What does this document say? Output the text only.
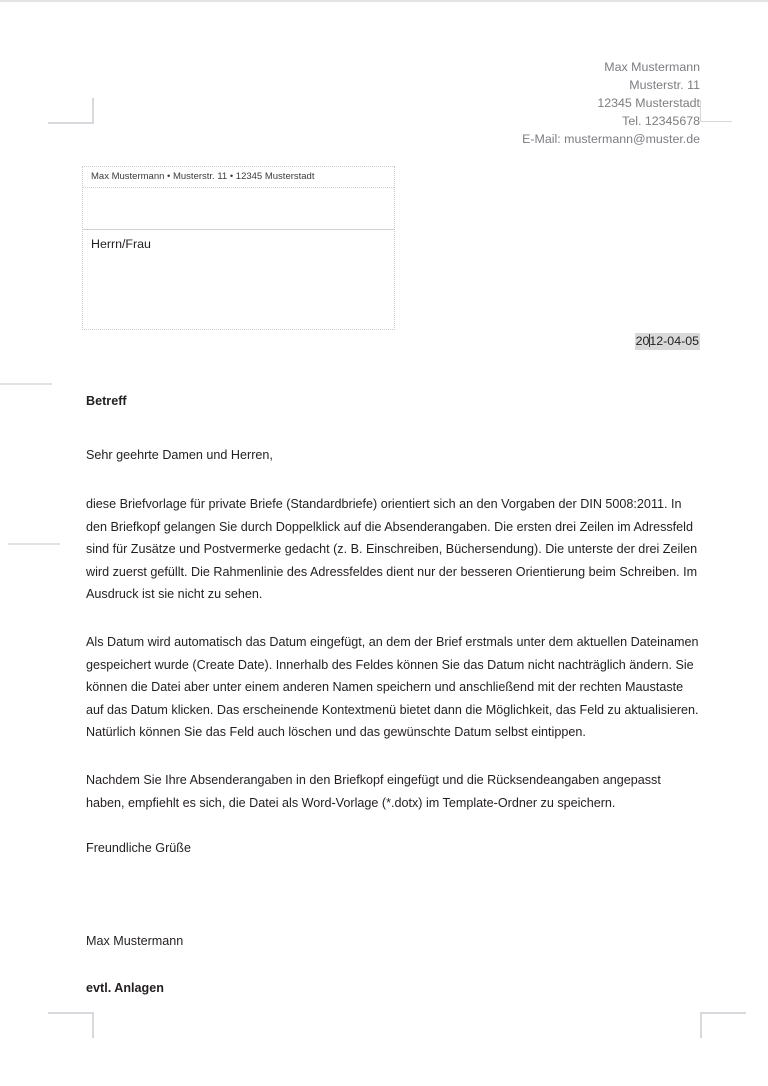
Max Mustermann
Musterstr. 11
12345 Musterstadt
Tel. 12345678
E-Mail: mustermann@muster.de
Max Mustermann • Musterstr. 11 • 12345 Musterstadt
Herrn/Frau
2012-04-05

Betreff

Sehr geehrte Damen und Herren,

diese Briefvorlage für private Briefe (Standardbriefe) orientiert sich an den Vorgaben der DIN 5008:2011. In den Briefkopf gelangen Sie durch Doppelklick auf die Absenderangaben. Die ersten drei Zeilen im Adressfeld sind für Zusätze und Postvermerke gedacht (z. B. Einschreiben, Büchersendung). Die unterste der drei Zeilen wird zuerst gefüllt. Die Rahmenlinie des Adressfeldes dient nur der besseren Orientierung beim Schreiben. Im Ausdruck ist sie nicht zu sehen.

Als Datum wird automatisch das Datum eingefügt, an dem der Brief erstmals unter dem aktuellen Dateinamen gespeichert wurde (Create Date). Innerhalb des Feldes können Sie das Datum nicht nachträglich ändern. Sie können die Datei aber unter einem anderen Namen speichern und anschließend mit der rechten Maustaste auf das Datum klicken. Das erscheinende Kontextmenü bietet dann die Möglichkeit, das Feld zu aktualisieren. Natürlich können Sie das Feld auch löschen und das gewünschte Datum selbst eintippen.

Nachdem Sie Ihre Absenderangaben in den Briefkopf eingefügt und die Rücksendeangaben angepasst haben, empfiehlt es sich, die Datei als Word-Vorlage (*.dotx) im Template-Ordner zu speichern.

Freundliche Grüße

Max Mustermann

evtl. Anlagen
